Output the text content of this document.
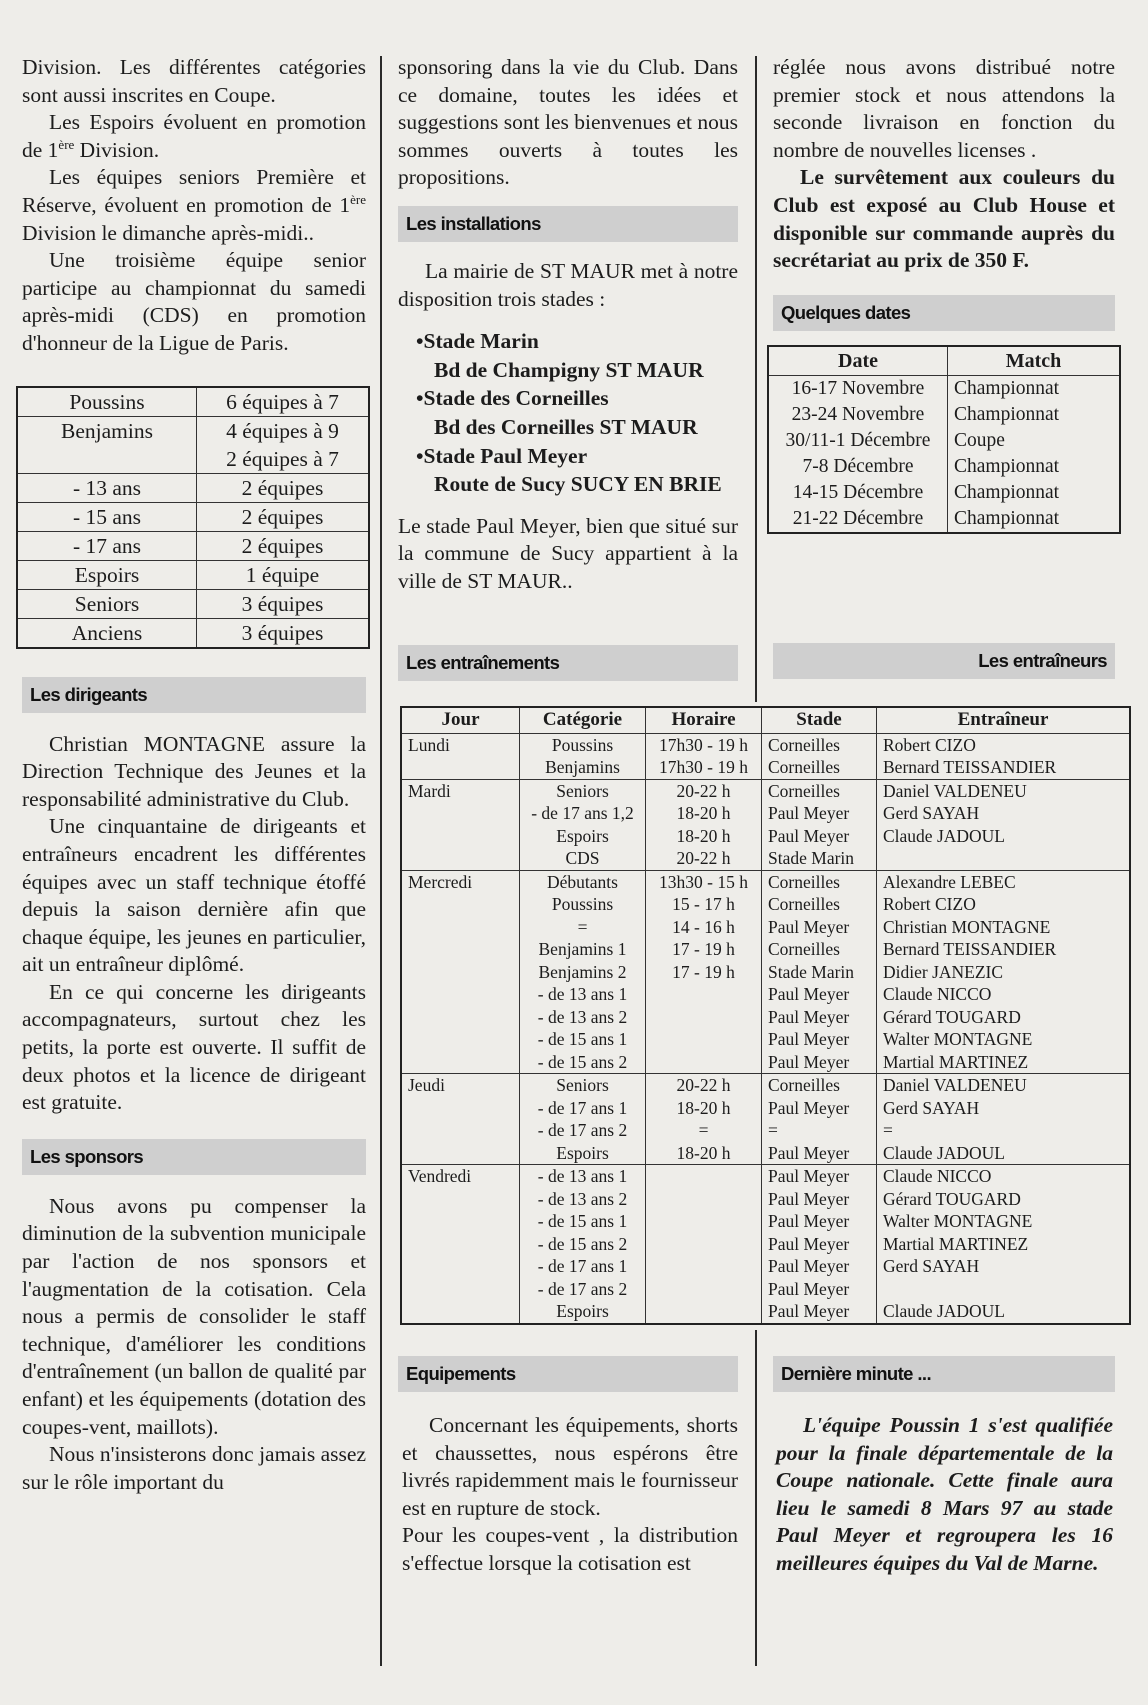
Division. Les différentes catégories sont aussi inscrites en Coupe.

Les Espoirs évoluent en promotion de 1ère Division.

Les équipes seniors Première et Réserve, évoluent en promotion de 1ère Division le dimanche après-midi..

Une troisième équipe senior participe au championnat du samedi après-midi (CDS) en promotion d'honneur de la Ligue de Paris.

Poussins	6 équipes à 7
Benjamins	4 équipes à 9
	2 équipes à 7
- 13 ans	2 équipes
- 15 ans	2 équipes
- 17 ans	2 équipes
Espoirs	1 équipe
Seniors	3 équipes
Anciens	3 équipes
Les dirigeants

Christian MONTAGNE assure la Direction Technique des Jeunes et la responsabilité administrative du Club.

Une cinquantaine de dirigeants et entraîneurs encadrent les différentes équipes avec un staff technique étoffé depuis la saison dernière afin que chaque équipe, les jeunes en particulier, ait un entraîneur diplômé.

En ce qui concerne les dirigeants accompagnateurs, surtout chez les petits, la porte est ouverte. Il suffit de deux photos et la licence de dirigeant est gratuite.

Les sponsors

Nous avons pu compenser la diminution de la subvention municipale par l'action de nos sponsors et l'augmentation de la cotisation. Cela nous a permis de consolider le staff technique, d'améliorer les conditions d'entraînement (un ballon de qualité par enfant) et les équipements (dotation des coupes-vent, maillots).

Nous n'insisterons donc jamais assez sur le rôle important du

sponsoring dans la vie du Club. Dans ce domaine, toutes les idées et suggestions sont les bienvenues et nous sommes ouverts à toutes les propositions.

Les installations

La mairie de ST MAUR met à notre disposition trois stades :

•Stade Marin
Bd de Champigny ST MAUR
•Stade des Corneilles
Bd des Corneilles ST MAUR
•Stade Paul Meyer
Route de Sucy SUCY EN BRIE

Le stade Paul Meyer, bien que situé sur la commune de Sucy appartient à la ville de ST MAUR..

Les entraînements	Les entraîneurs

réglée nous avons distribué notre premier stock et nous attendons la seconde livraison en fonction du nombre de nouvelles licenses .

Le survêtement aux couleurs du Club est exposé au Club House et disponible sur commande auprès du secrétariat au prix de 350 F.

Quelques dates
Date	Match
16-17 Novembre	Championnat
23-24 Novembre	Championnat
30/11-1 Décembre	Coupe
7-8 Décembre	Championnat
14-15 Décembre	Championnat
21-22 Décembre	Championnat
Jour	Catégorie	Horaire	Stade	Entraîneur
Lundi	Poussins	17h30 - 19 h	Corneilles	Robert CIZO
	Benjamins	17h30 - 19 h	Corneilles	Bernard TEISSANDIER
Mardi	Seniors	20-22 h	Corneilles	Daniel VALDENEU
	- de 17 ans 1,2	18-20 h	Paul Meyer	Gerd SAYAH
	Espoirs	18-20 h	Paul Meyer	Claude JADOUL
	CDS	20-22 h	Stade Marin	
Mercredi	Débutants	13h30 - 15 h	Corneilles	Alexandre LEBEC
	Poussins	15 - 17 h	Corneilles	Robert CIZO
	=	14 - 16 h	Paul Meyer	Christian MONTAGNE
	Benjamins 1	17 - 19 h	Corneilles	Bernard TEISSANDIER
	Benjamins 2	17 - 19 h	Stade Marin	Didier JANEZIC
	- de 13 ans 1		Paul Meyer	Claude NICCO
	- de 13 ans 2		Paul Meyer	Gérard TOUGARD
	- de 15 ans 1		Paul Meyer	Walter MONTAGNE
	- de 15 ans 2		Paul Meyer	Martial MARTINEZ
Jeudi	Seniors	20-22 h	Corneilles	Daniel VALDENEU
	- de 17 ans 1	18-20 h	Paul Meyer	Gerd SAYAH
	- de 17 ans 2	=	=	=
	Espoirs	18-20 h	Paul Meyer	Claude JADOUL
Vendredi	- de 13 ans 1		Paul Meyer	Claude NICCO
	- de 13 ans 2		Paul Meyer	Gérard TOUGARD
	- de 15 ans 1		Paul Meyer	Walter MONTAGNE
	- de 15 ans 2		Paul Meyer	Martial MARTINEZ
	- de 17 ans 1		Paul Meyer	Gerd SAYAH
	- de 17 ans 2		Paul Meyer	
	Espoirs		Paul Meyer	Claude JADOUL
Equipements	Dernière minute ...

Concernant les équipements, shorts et chaussettes, nous espérons être livrés rapidemment mais le fournisseur est en rupture de stock.

Pour les coupes-vent , la distribution s'effectue lorsque la cotisation est

L'équipe Poussin 1 s'est qualifiée pour la finale départementale de la Coupe nationale. Cette finale aura lieu le samedi 8 Mars 97 au stade Paul Meyer et regroupera les 16 meilleures équipes du Val de Marne.
